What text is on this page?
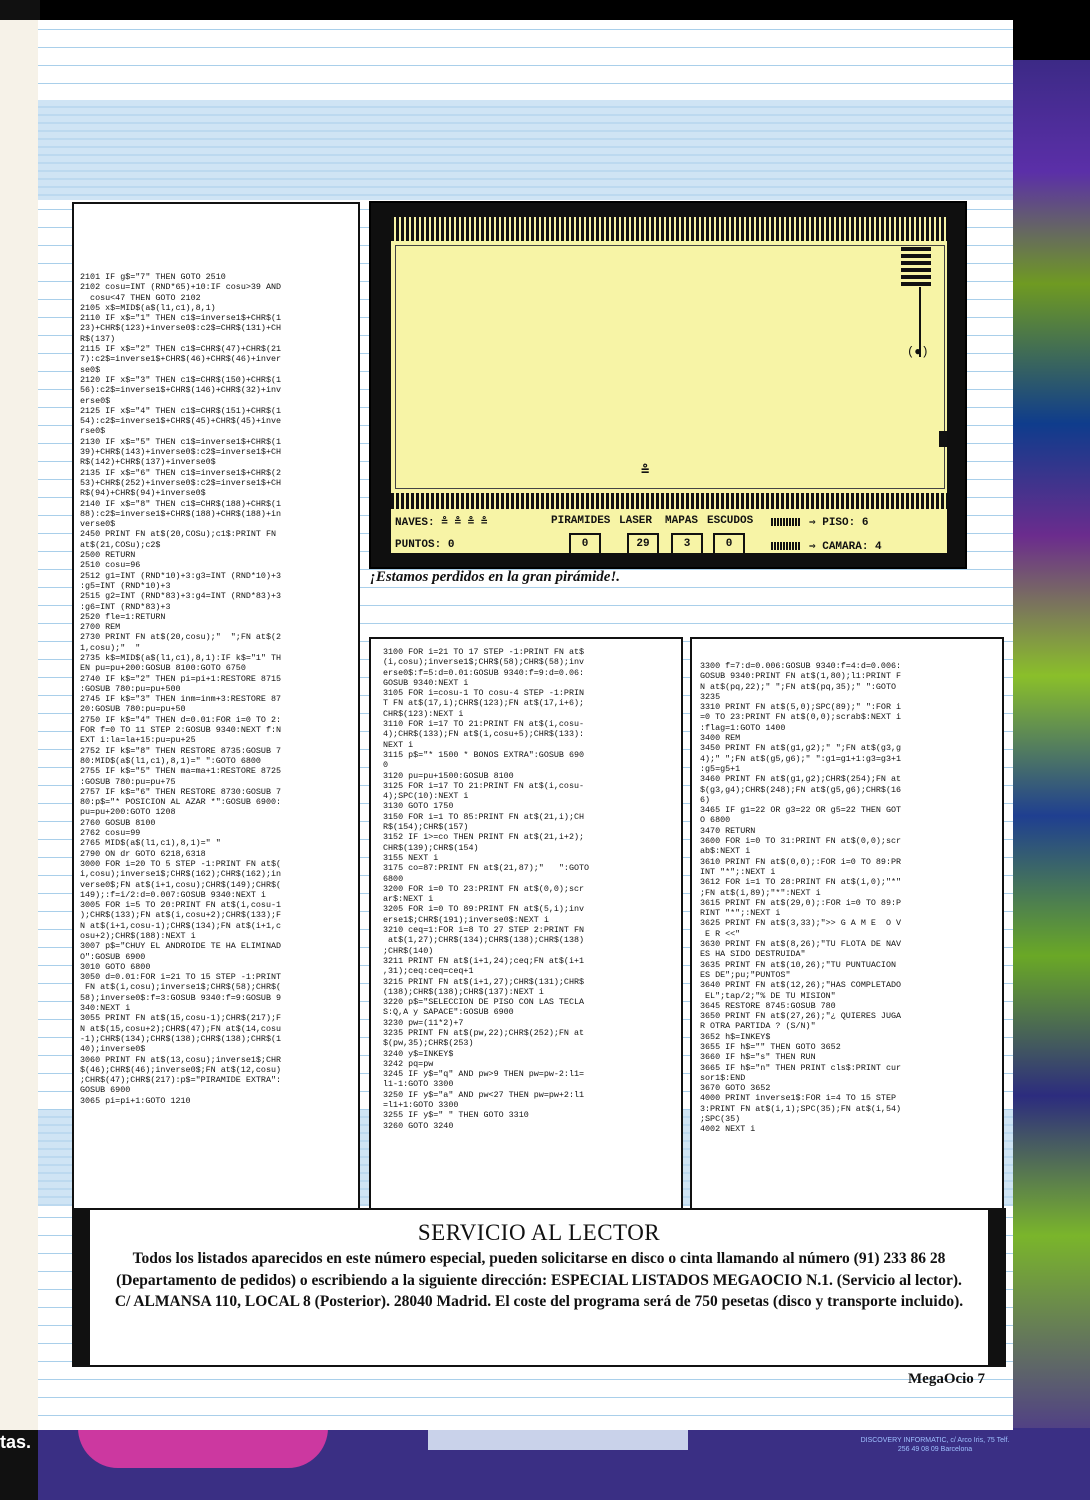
DISCOVERY INFORMATIC, c/ Arco Iris, 75 Telf. 256 49 08 09 Barcelona
tas.
2101 IF g$="7" THEN GOTO 2510
2102 cosu=INT (RND*65)+10:IF cosu>39 AND
cosu<47 THEN GOTO 2102
2105 x$=MID$(a$(l1,c1),8,1)
2110 IF x$="1" THEN c1$=inverse1$+CHR$(1
23)+CHR$(123)+inverse0$:c2$=CHR$(131)+CH
R$(137)
2115 IF x$="2" THEN c1$=CHR$(47)+CHR$(21
7):c2$=inverse1$+CHR$(46)+CHR$(46)+inver
se0$
2120 IF x$="3" THEN c1$=CHR$(150)+CHR$(1
56):c2$=inverse1$+CHR$(146)+CHR$(32)+inv
erse0$
2125 IF x$="4" THEN c1$=CHR$(151)+CHR$(1
54):c2$=inverse1$+CHR$(45)+CHR$(45)+inve
rse0$
2130 IF x$="5" THEN c1$=inverse1$+CHR$(1
39)+CHR$(143)+inverse0$:c2$=inverse1$+CH
R$(142)+CHR$(137)+inverse0$
2135 IF x$="6" THEN c1$=inverse1$+CHR$(2
53)+CHR$(252)+inverse0$:c2$=inverse1$+CH
R$(94)+CHR$(94)+inverse0$
2140 IF x$="8" THEN c1$=CHR$(188)+CHR$(1
88):c2$=inverse1$+CHR$(188)+CHR$(188)+in
verse0$
2450 PRINT FN at$(20,COSu);c1$:PRINT FN
at$(21,COSu);c2$
2500 RETURN
2510 cosu=96
2512 g1=INT (RND*10)+3:g3=INT (RND*10)+3
:g5=INT (RND*10)+3
2515 g2=INT (RND*83)+3:g4=INT (RND*83)+3
:g6=INT (RND*83)+3
2520 fle=1:RETURN
2700 REM
2730 PRINT FN at$(20,cosu);"  ";FN at$(2
1,cosu);"  "
2735 k$=MID$(a$(l1,c1),8,1):IF k$="1" TH
EN pu=pu+200:GOSUB 8100:GOTO 6750
2740 IF k$="2" THEN pi=pi+1:RESTORE 8715
:GOSUB 780:pu=pu+500
2745 IF k$="3" THEN inm=inm+3:RESTORE 87
20:GOSUB 780:pu=pu+50
2750 IF k$="4" THEN d=0.01:FOR i=0 TO 2:
FOR f=0 TO 11 STEP 2:GOSUB 9340:NEXT f:N
EXT i:la=la+15:pu=pu+25
2752 IF k$="8" THEN RESTORE 8735:GOSUB 7
80:MID$(a$(l1,c1),8,1)=" ":GOTO 6800
2755 IF k$="5" THEN ma=ma+1:RESTORE 8725
:GOSUB 780:pu=pu+75
2757 IF k$="6" THEN RESTORE 8730:GOSUB 7
80:p$="* POSICION AL AZAR *":GOSUB 6900:
pu=pu+200:GOTO 1208
2760 GOSUB 8100
2762 cosu=99
2765 MID$(a$(l1,c1),8,1)=" "
2790 ON dr GOTO 6218,6318
3000 FOR i=20 TO 5 STEP -1:PRINT FN at$(
i,cosu);inverse1$;CHR$(162);CHR$(162);in
verse0$;FN at$(i+1,cosu);CHR$(149);CHR$(
149);:f=i/2:d=0.007:GOSUB 9340:NEXT i
3005 FOR i=5 TO 20:PRINT FN at$(i,cosu-1
);CHR$(133);FN at$(i,cosu+2);CHR$(133);F
N at$(i+1,cosu-1);CHR$(134);FN at$(i+1,c
osu+2);CHR$(188):NEXT i
3007 p$="CHUY EL ANDROIDE TE HA ELIMINAD
O":GOSUB 6900
3010 GOTO 6800
3050 d=0.01:FOR i=21 TO 15 STEP -1:PRINT
FN at$(i,cosu);inverse1$;CHR$(58);CHR$(
58);inverse0$:f=3:GOSUB 9340:f=9:GOSUB 9
340:NEXT i
3055 PRINT FN at$(15,cosu-1);CHR$(217);F
N at$(15,cosu+2);CHR$(47);FN at$(14,cosu
-1);CHR$(134);CHR$(138);CHR$(138);CHR$(1
40);inverse0$
3060 PRINT FN at$(13,cosu);inverse1$;CHR
$(46);CHR$(46);inverse0$;FN at$(12,cosu)
;CHR$(47);CHR$(217):p$="PIRAMIDE EXTRA":
GOSUB 6900
3065 pi=pi+1:GOTO 1210
(●)
≗
NAVES: ≗ ≗ ≗ ≗
PUNTOS: 0
PIRAMIDES LASER MAPAS ESCUDOS
0	29	3	0
⇒ PISO: 6
⇒ CAMARA: 4
¡Estamos perdidos en la gran pirámide!.
3100 FOR i=21 TO 17 STEP -1:PRINT FN at$
(i,cosu);inverse1$;CHR$(58);CHR$(58);inv
erse0$:f=5:d=0.01:GOSUB 9340:f=9:d=0.06:
GOSUB 9340:NEXT i
3105 FOR i=cosu-1 TO cosu-4 STEP -1:PRIN
T FN at$(17,i);CHR$(123);FN at$(17,i+6);
CHR$(123):NEXT i
3110 FOR i=17 TO 21:PRINT FN at$(i,cosu-
4);CHR$(133);FN at$(i,cosu+5);CHR$(133):
NEXT i
3115 p$="* 1500 * BONOS EXTRA":GOSUB 690
0
3120 pu=pu+1500:GOSUB 8100
3125 FOR i=17 TO 21:PRINT FN at$(i,cosu-
4);SPC(10):NEXT i
3130 GOTO 1750
3150 FOR i=1 TO 85:PRINT FN at$(21,i);CH
R$(154);CHR$(157)
3152 IF i>=co THEN PRINT FN at$(21,i+2);
CHR$(139);CHR$(154)
3155 NEXT i
3175 co=87:PRINT FN at$(21,87);"   ":GOTO
6800
3200 FOR i=0 TO 23:PRINT FN at$(0,0);scr
ar$:NEXT i
3205 FOR i=0 TO 89:PRINT FN at$(5,i);inv
erse1$;CHR$(191);inverse0$:NEXT i
3210 ceq=1:FOR i=8 TO 27 STEP 2:PRINT FN
at$(1,27);CHR$(134);CHR$(138);CHR$(138)
;CHR$(140)
3211 PRINT FN at$(i+1,24);ceq;FN at$(i+1
,31);ceq:ceq=ceq+1
3215 PRINT FN at$(i+1,27);CHR$(131);CHR$
(138);CHR$(138);CHR$(137):NEXT i
3220 p$="SELECCION DE PISO CON LAS TECLA
S:Q,A y SAPACE":GOSUB 6900
3230 pw=(11*2)+7
3235 PRINT FN at$(pw,22);CHR$(252);FN at
$(pw,35);CHR$(253)
3240 y$=INKEY$
3242 pq=pw
3245 IF y$="q" AND pw>9 THEN pw=pw-2:l1=
l1-1:GOTO 3300
3250 IF y$="a" AND pw<27 THEN pw=pw+2:l1
=l1+1:GOTO 3300
3255 IF y$=" " THEN GOTO 3310
3260 GOTO 3240
3300 f=7:d=0.006:GOSUB 9340:f=4:d=0.006:
GOSUB 9340:PRINT FN at$(1,80);l1:PRINT F
N at$(pq,22);" ";FN at$(pq,35);" ":GOTO
3235
3310 PRINT FN at$(5,0);SPC(89);" ":FOR i
=0 TO 23:PRINT FN at$(0,0);scrab$:NEXT i
:flag=1:GOTO 1400
3400 REM
3450 PRINT FN at$(g1,g2);" ";FN at$(g3,g
4);" ";FN at$(g5,g6);" ":g1=g1+1:g3=g3+1
:g5=g5+1
3460 PRINT FN at$(g1,g2);CHR$(254);FN at
$(g3,g4);CHR$(248);FN at$(g5,g6);CHR$(16
6)
3465 IF g1=22 OR g3=22 OR g5=22 THEN GOT
O 6800
3470 RETURN
3600 FOR i=0 TO 31:PRINT FN at$(0,0);scr
ab$:NEXT i
3610 PRINT FN at$(0,0);:FOR i=0 TO 89:PR
INT "*";:NEXT i
3612 FOR i=1 TO 28:PRINT FN at$(i,0);"*"
;FN at$(i,89);"*":NEXT i
3615 PRINT FN at$(29,0);:FOR i=0 TO 89:P
RINT "*";:NEXT i
3625 PRINT FN at$(3,33);">> G A M E  O V
E R <<"
3630 PRINT FN at$(8,26);"TU FLOTA DE NAV
ES HA SIDO DESTRUIDA"
3635 PRINT FN at$(10,26);"TU PUNTUACION
ES DE";pu;"PUNTOS"
3640 PRINT FN at$(12,26);"HAS COMPLETADO
EL";tap/2;"% DE TU MISION"
3645 RESTORE 8745:GOSUB 780
3650 PRINT FN at$(27,26);"¿ QUIERES JUGA
R OTRA PARTIDA ? (S/N)"
3652 h$=INKEY$
3655 IF h$="" THEN GOTO 3652
3660 IF h$="s" THEN RUN
3665 IF h$="n" THEN PRINT cls$:PRINT cur
sor1$:END
3670 GOTO 3652
4000 PRINT inverse1$:FOR i=4 TO 15 STEP
3:PRINT FN at$(i,1);SPC(35);FN at$(i,54)
;SPC(35)
4002 NEXT i
SERVICIO AL LECTOR

Todos los listados aparecidos en este número especial, pueden solicitarse en disco o cinta llamando al número (91) 233 86 28 (Departamento de pedidos) o escribiendo a la siguiente dirección: ESPECIAL LISTADOS MEGAOCIO N.1. (Servicio al lector). C/ ALMANSA 110, LOCAL 8 (Posterior). 28040 Madrid. El coste del programa será de 750 pesetas (disco y transporte incluido).

MegaOcio 7
